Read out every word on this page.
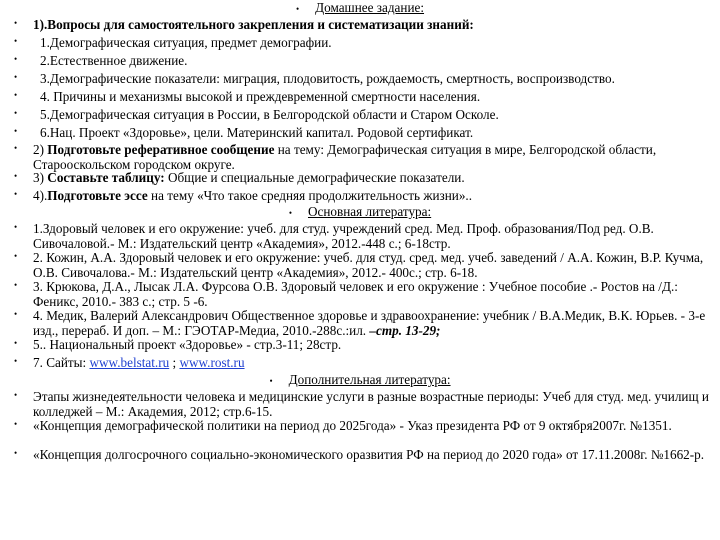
• Домашнее задание:
• 1).Вопросы для самостоятельного закрепления и систематизации знаний:
• 1.Демографическая ситуация, предмет демографии.
• 2.Естественное движение.
• 3.Демографические показатели: миграция, плодовитость, рождаемость, смертность, воспроизводство.
• 4. Причины и механизмы высокой и преждевременной смертности населения.
• 5.Демографическая ситуация в России, в Белгородской области и Старом Осколе.
• 6.Нац. Проект «Здоровье», цели. Материнский капитал. Родовой сертификат.
• 2) Подготовьте реферативное сообщение на тему: Демографическая ситуация в мире, Белгородской области, Старооскольском городском округе.
• 3) Составьте таблицу: Общие и специальные демографические показатели.
• 4).Подготовьте эссе на тему «Что такое средняя продолжительность жизни»..
• Основная литература:
• 1.Здоровый человек и его окружение: учеб. для студ. учреждений сред. Мед. Проф. образования/Под ред. О.В. Сивочаловой.- М.: Издательский центр «Академия», 2012.-448 с.; 6-18стр.
• 2. Кожин, А.А. Здоровый человек и его окружение: учеб. для студ. сред. мед. учеб. заведений / А.А. Кожин, В.Р. Кучма, О.В. Сивочалова.- М.: Издательский центр «Академия», 2012.- 400с.; стр. 6-18.
• 3. Крюкова, Д.А., Лысак Л.А. Фурсова О.В. Здоровый человек и его окружение : Учебное пособие .- Ростов на /Д.: Феникс, 2010.- 383 с.; стр. 5 -6.
• 4. Медик, Валерий Александрович Общественное здоровье и здравоохранение: учебник / В.А.Медик, В.К. Юрьев. - 3-е изд., перераб. И доп. – М.: ГЭОТАР-Медиа, 2010.-288с.:ил. –стр. 13-29;
• 5.. Национальный проект «Здоровье» - стр.3-11; 28стр.
• 7. Сайты: www.belstat.ru ; www.rost.ru
• Дополнительная литература:
• Этапы жизнедеятельности человека и медицинские услуги в разные возрастные периоды: Учеб для студ. мед. училищ и колледжей – М.: Академия, 2012; стр.6-15.
• «Концепция демографической политики на период до 2025года» - Указ президента РФ от 9 октября2007г. №1351.
• «Концепция долгосрочного социально-экономического оразвития РФ на период до 2020 года» от 17.11.2008г. №1662-р.
